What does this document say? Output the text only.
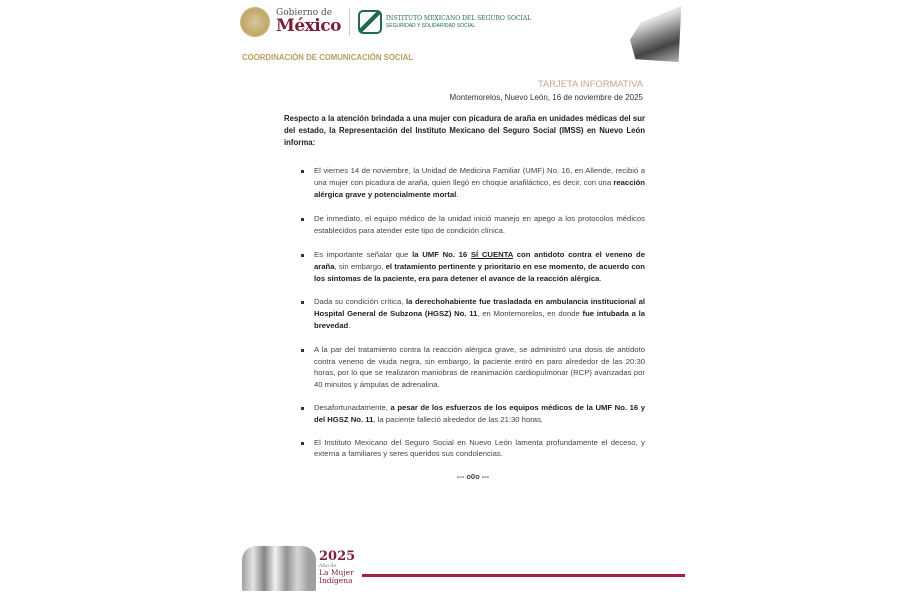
Gobierno de
México	INSTITUTO MEXICANO DEL SEGURO SOCIAL
SEGURIDAD Y SOLIDARIDAD SOCIAL
COORDINACIÓN DE COMUNICACIÓN SOCIAL
TARJETA INFORMATIVA
Montemorelos, Nuevo León, 16 de noviembre de 2025
Respecto a la atención brindada a una mujer con picadura de araña en unidades médicas del sur del estado, la Representación del Instituto Mexicano del Seguro Social (IMSS) en Nuevo León informa:
El viernes 14 de noviembre, la Unidad de Medicina Familiar (UMF) No. 16, en Allende, recibió a una mujer con picadura de araña, quien llegó en choque anafiláctico, es decir, con una reacción alérgica grave y potencialmente mortal.
De inmediato, el equipo médico de la unidad inició manejo en apego a los protocolos médicos establecidos para atender este tipo de condición clínica.
Es importante señalar que la UMF No. 16 SÍ CUENTA con antidoto contra el veneno de araña, sin embargo, el tratamiento pertinente y prioritario en ese momento, de acuerdo con los síntomas de la paciente, era para detener el avance de la reacción alérgica.
Dada su condición crítica, la derechohabiente fue trasladada en ambulancia institucional al Hospital General de Subzona (HGSZ) No. 11, en Montemorelos, en donde fue intubada a la brevedad.
A la par del tratamiento contra la reacción alérgica grave, se administró una dosis de antídoto contra veneno de viuda negra, sin embargo, la paciente entró en paro alrededor de las 20:30 horas, por lo que se realizaron maniobras de reanimación cardiopulmonar (RCP) avanzadas por 40 minutos y ámpulas de adrenalina.
Desafortunadamente, a pesar de los esfuerzos de los equipos médicos de la UMF No. 16 y del HGSZ No. 11, la paciente falleció alrededor de las 21:30 horas.
El Instituto Mexicano del Seguro Social en Nuevo León lamenta profundamente el deceso, y externa a familiares y seres queridos sus condolencias.
--- o0o ---
2025
Año de
La Mujer
Indígena
